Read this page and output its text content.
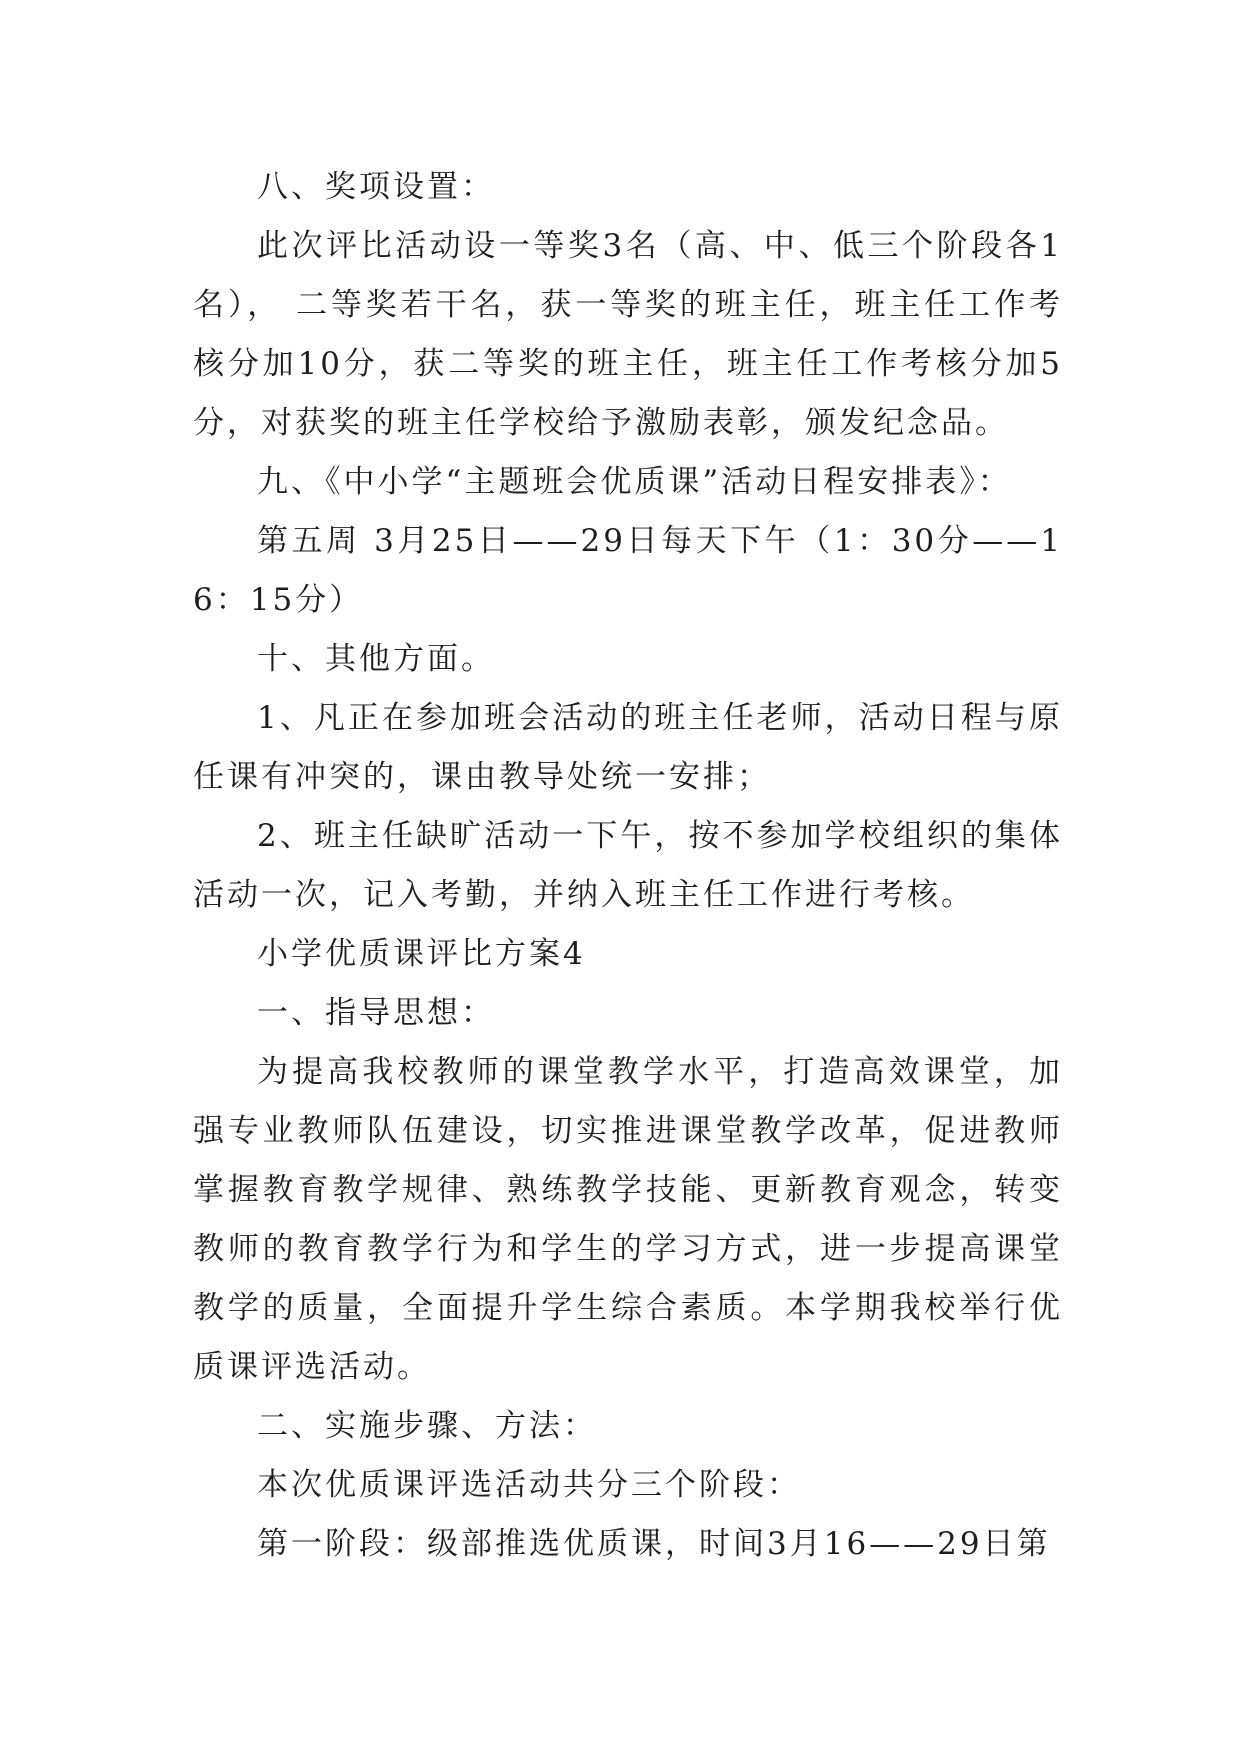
八、奖项设置：

此次评比活动设一等奖3名（高、中、低三个阶段各1名）， 二等奖若干名，获一等奖的班主任，班主任工作考核分加10分，获二等奖的班主任，班主任工作考核分加5分，对获奖的班主任学校给予激励表彰，颁发纪念品。

九、《中小学“主题班会优质课”活动日程安排表》：

第五周 3月25日——29日每天下午（1：30分——16：15分）

十、其他方面。

1、凡正在参加班会活动的班主任老师，活动日程与原任课有冲突的，课由教导处统一安排；

2、班主任缺旷活动一下午，按不参加学校组织的集体活动一次，记入考勤，并纳入班主任工作进行考核。

小学优质课评比方案4

一、指导思想：

为提高我校教师的课堂教学水平，打造高效课堂，加强专业教师队伍建设，切实推进课堂教学改革，促进教师掌握教育教学规律、熟练教学技能、更新教育观念，转变教师的教育教学行为和学生的学习方式，进一步提高课堂教学的质量，全面提升学生综合素质。本学期我校举行优质课评选活动。

二、实施步骤、方法：

本次优质课评选活动共分三个阶段：

第一阶段：级部推选优质课，时间3月16——29日第
